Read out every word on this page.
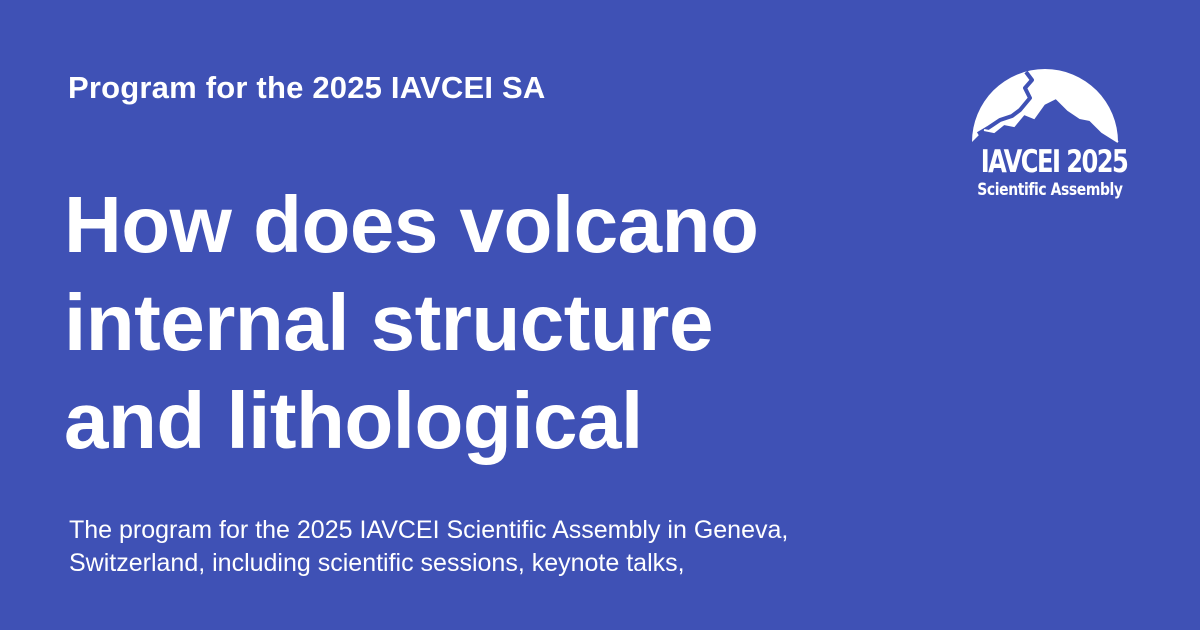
Program for the 2025 IAVCEI SA
How does volcano
internal structure
and lithological

The program for the 2025 IAVCEI Scientific Assembly in Geneva,
Switzerland, including scientific sessions, keynote talks,

IAVCEI 2025
Scientific Assembly
